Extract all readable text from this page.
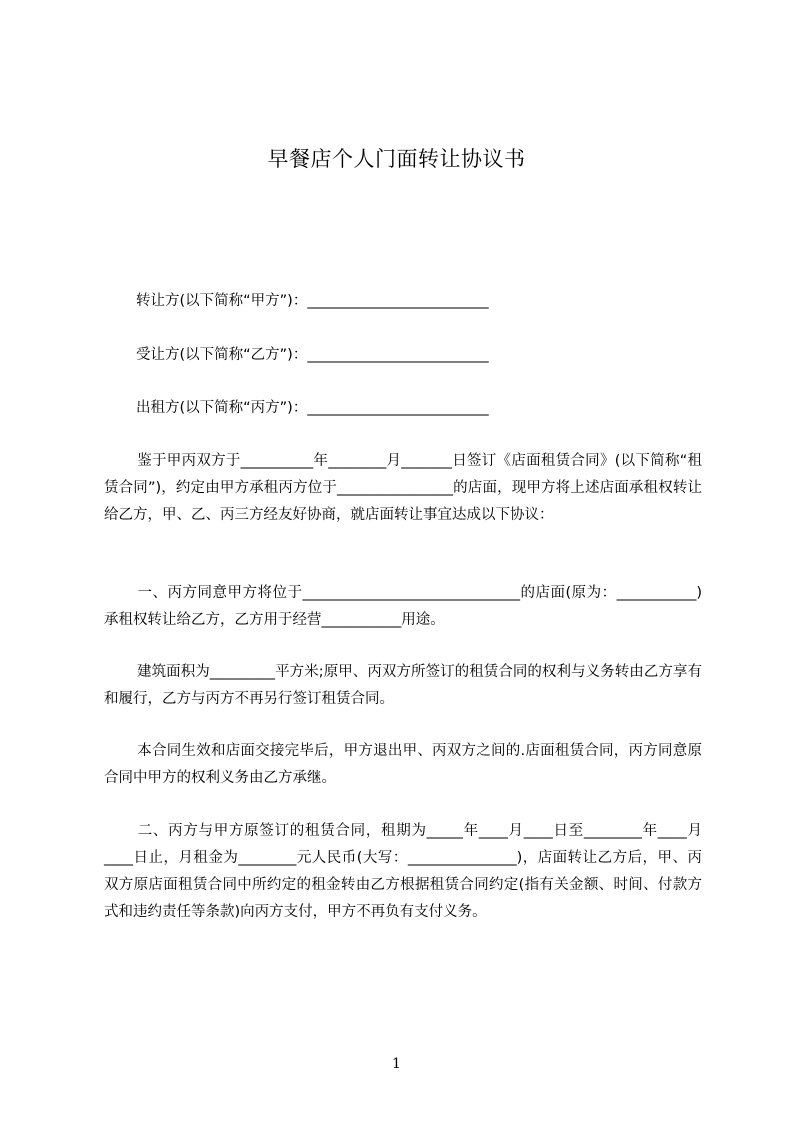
早餐店个人门面转让协议书
转让方(以下简称“甲方”)：_________________________
受让方(以下简称“乙方”)：_________________________
出租方(以下简称“丙方”)：_________________________
鉴于甲丙双方于__________年________月_______日签订《店面租赁合同》(以下简称“租赁合同”)，约定由甲方承租丙方位于________________的店面，现甲方将上述店面承租权转让给乙方，甲、乙、丙三方经友好协商，就店面转让事宜达成以下协议：
一、丙方同意甲方将位于______________________________的店面(原为：___________)承租权转让给乙方，乙方用于经营___________用途。
建筑面积为_________平方米;原甲、丙双方所签订的租赁合同的权利与义务转由乙方享有和履行，乙方与丙方不再另行签订租赁合同。
本合同生效和店面交接完毕后，甲方退出甲、丙双方之间的.店面租赁合同，丙方同意原合同中甲方的权利义务由乙方承继。
二、丙方与甲方原签订的租赁合同，租期为_____年____月____日至________年____月____日止，月租金为________元人民币(大写：_______________)，店面转让乙方后，甲、丙双方原店面租赁合同中所约定的租金转由乙方根据租赁合同约定(指有关金额、时间、付款方式和违约责任等条款)向丙方支付，甲方不再负有支付义务。
1
